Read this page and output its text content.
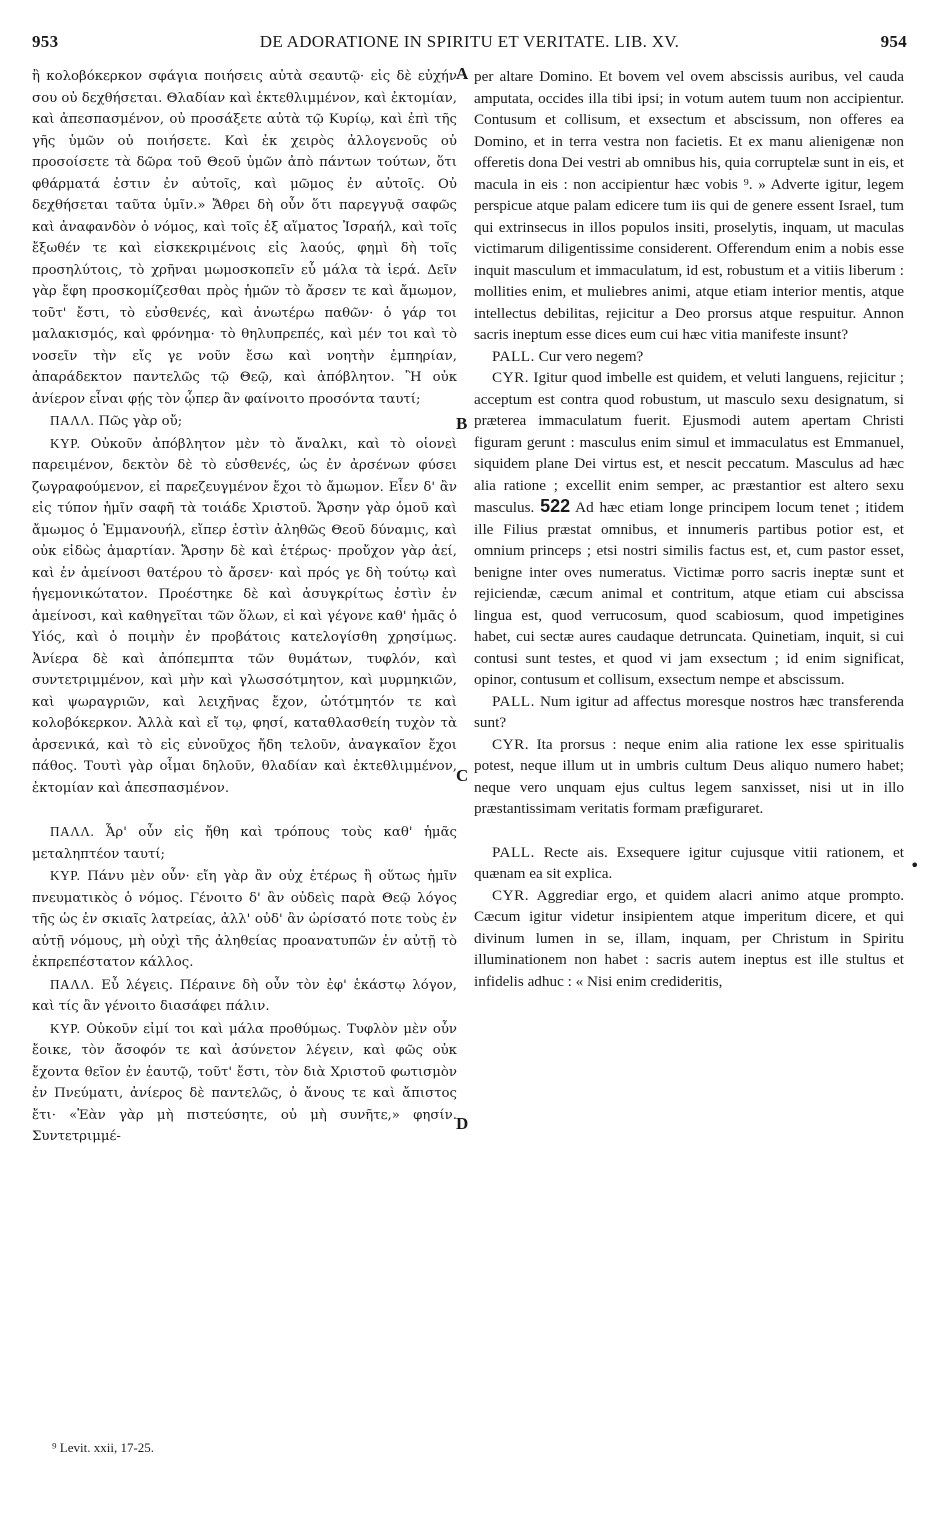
953	DE ADORATIONE IN SPIRITU ET VERITATE. LIB. XV.	954
A
B
C
D

ἢ κολοβόκερκον σφάγια ποιήσεις αὐτὰ σεαυτῷ· εἰς δὲ εὐχήν σου οὐ δεχθήσεται. Θλαδίαν καὶ ἐκτεθλιμμένον, καὶ ἐκτομίαν, καὶ ἀπεσπασμένον, οὐ προσάξετε αὐτὰ τῷ Κυρίῳ, καὶ ἐπὶ τῆς γῆς ὑμῶν οὐ ποιήσετε. Καὶ ἐκ χειρὸς ἀλλογενοῦς οὐ προσοίσετε τὰ δῶρα τοῦ Θεοῦ ὑμῶν ἀπὸ πάντων τούτων, ὅτι φθάρματά ἐστιν ἐν αὐτοῖς, καὶ μῶμος ἐν αὐτοῖς. Οὐ δεχθήσεται ταῦτα ὑμῖν.» Ἄθρει δὴ οὖν ὅτι παρεγγυᾷ σαφῶς καὶ ἀναφανδὸν ὁ νόμος, καὶ τοῖς ἐξ αἵματος Ἰσραήλ, καὶ τοῖς ἔξωθέν τε καὶ εἰσκεκριμένοις εἰς λαούς, φημὶ δὴ τοῖς προσηλύτοις, τὸ χρῆναι μωμοσκοπεῖν εὖ μάλα τὰ ἱερά. Δεῖν γὰρ ἔφη προσκομίζεσθαι πρὸς ἡμῶν τὸ ἄρσεν τε καὶ ἄμωμον, τοῦτ' ἔστι, τὸ εὐσθενές, καὶ ἀνωτέρω παθῶν· ὁ γάρ τοι μαλακισμός, καὶ φρόνημα· τὸ θηλυπρεπές, καὶ μέν τοι καὶ τὸ νοσεῖν τὴν εἴς γε νοῦν ἔσω καὶ νοητὴν ἐμπηρίαν, ἀπαράδεκτον παντελῶς τῷ Θεῷ, καὶ ἀπόβλητον. Ἢ οὐκ ἀνίερον εἶναι φῄς τὸν ᾧπερ ἂν φαίνοιτο προσόντα ταυτί;

ΠΑΛΛ. Πῶς γὰρ οὔ;

ΚΥΡ. Οὐκοῦν ἀπόβλητον μὲν τὸ ἄναλκι, καὶ τὸ οἱονεὶ παρειμένον, δεκτὸν δὲ τὸ εὐσθενές, ὡς ἐν ἀρσένων φύσει ζωγραφούμενον, εἰ παρεζευγμένον ἔχοι τὸ ἄμωμον. Εἶεν δ' ἂν εἰς τύπον ἡμῖν σαφῆ τὰ τοιάδε Χριστοῦ. Ἄρσην γὰρ ὁμοῦ καὶ ἄμωμος ὁ Ἐμμανουήλ, εἴπερ ἐστὶν ἀληθῶς Θεοῦ δύναμις, καὶ οὐκ εἰδὼς ἁμαρτίαν. Ἄρσην δὲ καὶ ἑτέρως· προὔχον γὰρ ἀεί, καὶ ἐν ἀμείνοσι θατέρου τὸ ἄρσεν· καὶ πρός γε δὴ τούτῳ καὶ ἡγεμονικώτατον. Προέστηκε δὲ καὶ ἀσυγκρίτως ἐστὶν ἐν ἀμείνοσι, καὶ καθηγεῖται τῶν ὅλων, εἰ καὶ γέγονε καθ' ἡμᾶς ὁ Υἱός, καὶ ὁ ποιμὴν ἐν προβάτοις κατελογίσθη χρησίμως. Ἀνίερα δὲ καὶ ἀπόπεμπτα τῶν θυμάτων, τυφλόν, καὶ συντετριμμένον, καὶ μὴν καὶ γλωσσότμητον, καὶ μυρμηκιῶν, καὶ ψωραγριῶν, καὶ λειχῆνας ἔχον, ὠτότμητόν τε καὶ κολοβόκερκον. Ἀλλὰ καὶ εἴ τῳ, φησί, καταθλασθείη τυχὸν τὰ ἀρσενικά, καὶ τὸ εἰς εὐνοῦχος ἤδη τελοῦν, ἀναγκαῖον ἔχοι πάθος. Τουτὶ γὰρ οἶμαι δηλοῦν, θλαδίαν καὶ ἐκτεθλιμμένον, ἐκτομίαν καὶ ἀπεσπασμένον.

ΠΑΛΛ. Ἆρ' οὖν εἰς ἤθη καὶ τρόπους τοὺς καθ' ἡμᾶς μεταληπτέον ταυτί;

ΚΥΡ. Πάνυ μὲν οὖν· εἴη γὰρ ἂν οὐχ ἑτέρως ἢ οὕτως ἡμῖν πνευματικὸς ὁ νόμος. Γένοιτο δ' ἂν οὐδεὶς παρὰ Θεῷ λόγος τῆς ὡς ἐν σκιαῖς λατρείας, ἀλλ' οὐδ' ἂν ὡρίσατό ποτε τοὺς ἐν αὐτῇ νόμους, μὴ οὐχὶ τῆς ἀληθείας προανατυπῶν ἐν αὐτῇ τὸ ἐκπρεπέστατον κάλλος.

ΠΑΛΛ. Εὖ λέγεις. Πέραινε δὴ οὖν τὸν ἐφ' ἑκάστῳ λόγον, καὶ τίς ἂν γένοιτο διασάφει πάλιν.

ΚΥΡ. Οὐκοῦν εἰμί τοι καὶ μάλα προθύμως. Τυφλὸν μὲν οὖν ἔοικε, τὸν ἄσοφόν τε καὶ ἀσύνετον λέγειν, καὶ φῶς οὐκ ἔχοντα θεῖον ἐν ἑαυτῷ, τοῦτ' ἔστι, τὸν διὰ Χριστοῦ φωτισμὸν ἐν Πνεύματι, ἀνίερος δὲ παντελῶς, ὁ ἄνους τε καὶ ἄπιστος ἔτι· «Ἐὰν γὰρ μὴ πιστεύσητε, οὐ μὴ συνῆτε,» φησίν. Συντετριμμέ-

per altare Domino. Et bovem vel ovem abscissis auribus, vel cauda amputata, occides illa tibi ipsi; in votum autem tuum non accipientur. Contusum et collisum, et exsectum et abscissum, non offeres ea Domino, et in terra vestra non facietis. Et ex manu alienigenæ non offeretis dona Dei vestri ab omnibus his, quia corruptelæ sunt in eis, et macula in eis : non accipientur hæc vobis ⁹. » Adverte igitur, legem perspicue atque palam edicere tum iis qui de genere essent Israel, tum qui extrinsecus in illos populos insiti, proselytis, inquam, ut maculas victimarum diligentissime considerent. Offerendum enim a nobis esse inquit masculum et immaculatum, id est, robustum et a vitiis liberum : mollities enim, et muliebres animi, atque etiam interior mentis, atque intellectus debilitas, rejicitur a Deo prorsus atque respuitur. Annon sacris ineptum esse dices eum cui hæc vitia manifeste insunt?

PALL. Cur vero negem?

CYR. Igitur quod imbelle est quidem, et veluti languens, rejicitur ; acceptum est contra quod robustum, ut masculo sexu designatum, si præterea immaculatum fuerit. Ejusmodi autem apertam Christi figuram gerunt : masculus enim simul et immaculatus est Emmanuel, siquidem plane Dei virtus est, et nescit peccatum. Masculus ad hæc alia ratione ; excellit enim semper, ac præstantior est altero sexu masculus. 522 Ad hæc etiam longe principem locum tenet ; itidem ille Filius præstat omnibus, et innumeris partibus potior est, et omnium princeps ; etsi nostri similis factus est, et, cum pastor esset, benigne inter oves numeratus. Victimæ porro sacris ineptæ sunt et rejiciendæ, cæcum animal et contritum, atque etiam cui abscissa lingua est, quod verrucosum, quod scabiosum, quod impetigines habet, cui sectæ aures caudaque detruncata. Quinetiam, inquit, si cui contusi sunt testes, et quod vi jam exsectum ; id enim significat, opinor, contusum et collisum, exsectum nempe et abscissum.

PALL. Num igitur ad affectus moresque nostros hæc transferenda sunt?

CYR. Ita prorsus : neque enim alia ratione lex esse spiritualis potest, neque illum ut in umbris cultum Deus aliquo numero habet; neque vero unquam ejus cultus legem sanxisset, nisi ut in illo præstantissimam veritatis formam præfiguraret.

PALL. Recte ais. Exsequere igitur cujusque vitii rationem, et quænam ea sit explica.

CYR. Aggrediar ergo, et quidem alacri animo atque prompto. Cæcum igitur videtur insipientem atque imperitum dicere, et qui divinum lumen in se, illam, inquam, per Christum in Spiritu illuminationem non habet : sacris autem ineptus est ille stultus et infidelis adhuc : « Nisi enim credideritis,

•
⁹ Levit. xxii, 17-25.
